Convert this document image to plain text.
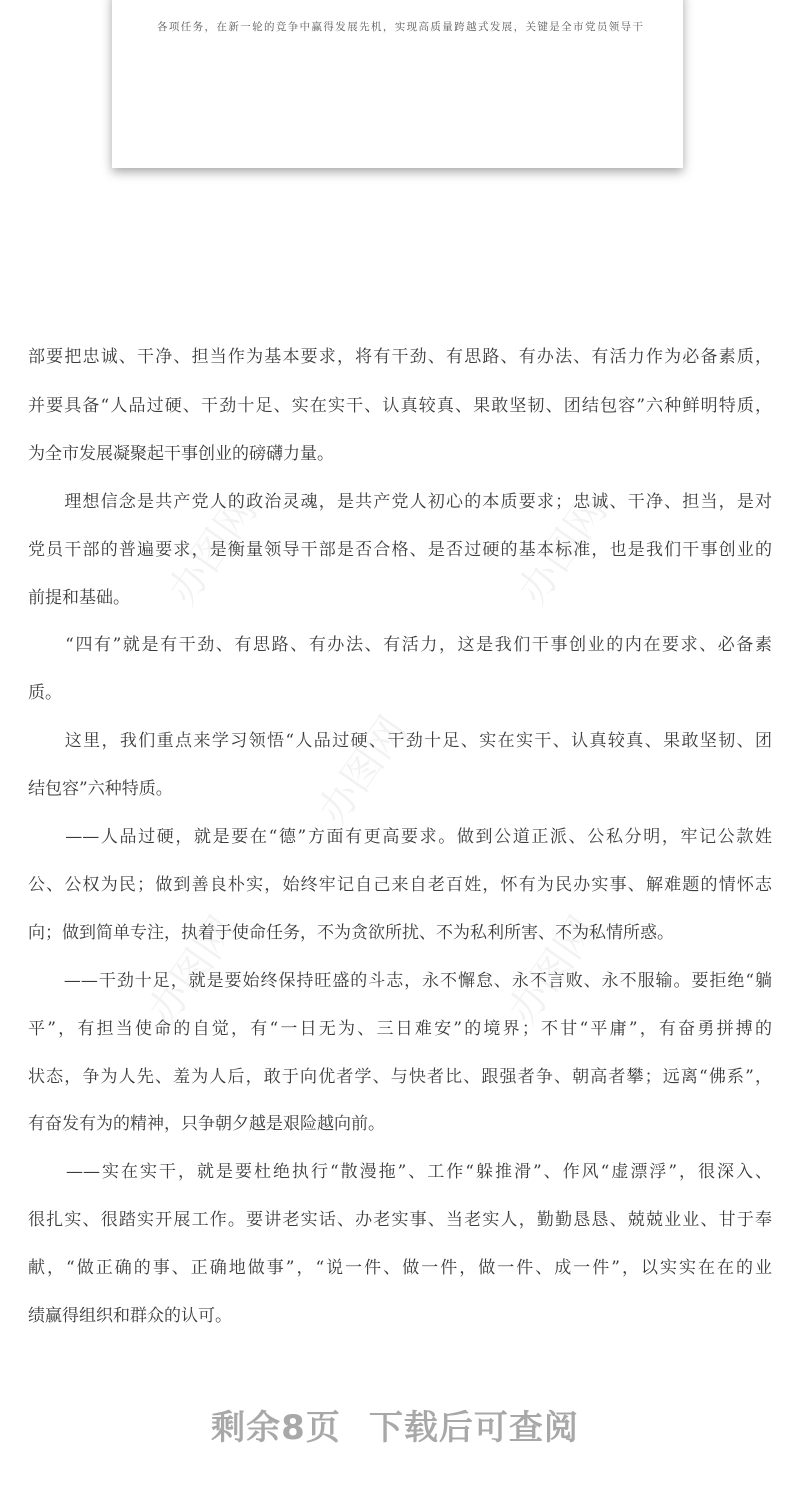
各项任务，在新一轮的竞争中赢得发展先机，实现高质量跨越式发展，关键是全市党员领导干
办图网	办图网
办图网
办图网	办图网
部要把忠诚、干净、担当作为基本要求，将有干劲、有思路、有办法、有活力作为必备素质，
并要具备“人品过硬、干劲十足、实在实干、认真较真、果敢坚韧、团结包容”六种鲜明特质，
为全市发展凝聚起干事创业的磅礴力量。
　　理想信念是共产党人的政治灵魂，是共产党人初心的本质要求；忠诚、干净、担当，是对
党员干部的普遍要求，是衡量领导干部是否合格、是否过硬的基本标准，也是我们干事创业的
前提和基础。
　　“四有”就是有干劲、有思路、有办法、有活力，这是我们干事创业的内在要求、必备素
质。
　　这里，我们重点来学习领悟“人品过硬、干劲十足、实在实干、认真较真、果敢坚韧、团
结包容”六种特质。
　　——人品过硬，就是要在“德”方面有更高要求。做到公道正派、公私分明，牢记公款姓
公、公权为民；做到善良朴实，始终牢记自己来自老百姓，怀有为民办实事、解难题的情怀志
向；做到简单专注，执着于使命任务，不为贪欲所扰、不为私利所害、不为私情所惑。
　　——干劲十足，就是要始终保持旺盛的斗志，永不懈怠、永不言败、永不服输。要拒绝“躺
平”，有担当使命的自觉，有“一日无为、三日难安”的境界；不甘“平庸”，有奋勇拼搏的
状态，争为人先、羞为人后，敢于向优者学、与快者比、跟强者争、朝高者攀；远离“佛系”，
有奋发有为的精神，只争朝夕越是艰险越向前。
　　——实在实干，就是要杜绝执行“散漫拖”、工作“躲推滑”、作风“虚漂浮”，很深入、
很扎实、很踏实开展工作。要讲老实话、办老实事、当老实人，勤勤恳恳、兢兢业业、甘于奉
献，“做正确的事、正确地做事”，“说一件、做一件，做一件、成一件”，以实实在在的业
绩赢得组织和群众的认可。
剩余8页 下载后可查阅
